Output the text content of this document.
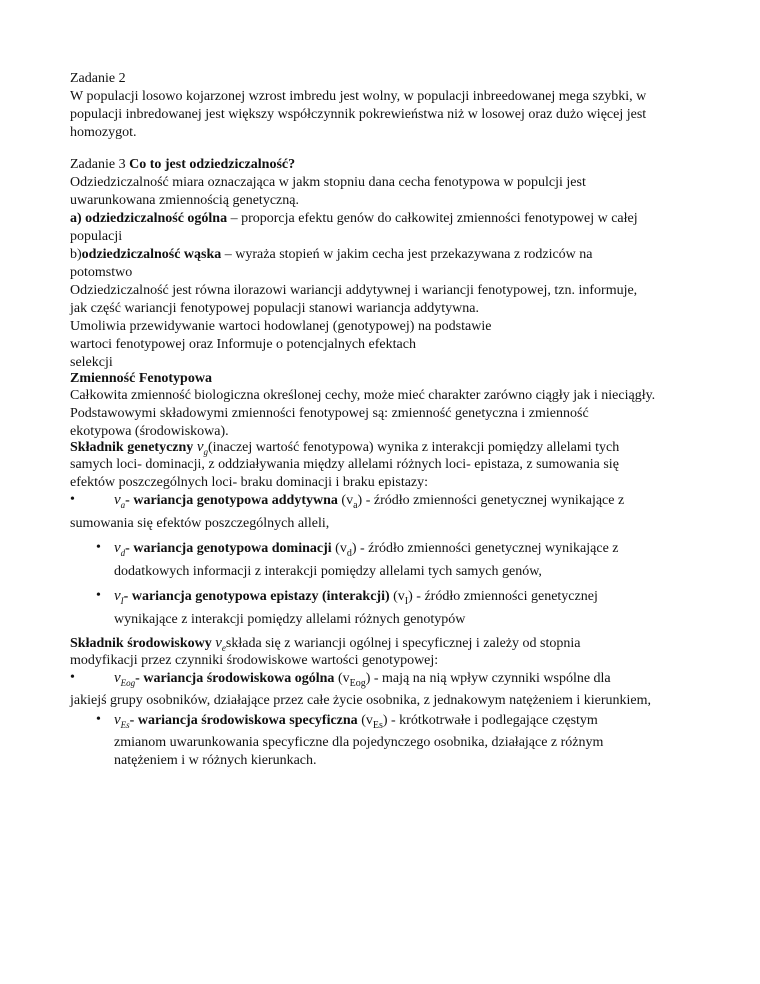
Zadanie 2
W populacji losowo kojarzonej wzrost imbredu jest wolny, w populacji inbreedowanej mega szybki, w
populacji inbredowanej jest większy współczynnik pokrewieństwa niż w losowej oraz dużo więcej jest
homozygot.
Zadanie 3 Co to jest odziedziczalność?
Odziedziczalność miara oznaczająca w jakm stopniu dana cecha fenotypowa w populcji jest
uwarunkowana zmiennością genetyczną.
a) odziedziczalność ogólna – proporcja efektu genów do całkowitej zmienności fenotypowej w całej
populacji
b)odziedziczalność wąska – wyraża stopień w jakim cecha jest przekazywana z rodziców na
potomstwo
Odziedziczalność jest równa ilorazowi wariancji addytywnej i wariancji fenotypowej, tzn. informuje,
jak część wariancji fenotypowej populacji stanowi wariancja addytywna.
Umoliwia przewidywanie wartoci hodowlanej (genotypowej) na podstawie
wartoci fenotypowej oraz Informuje o potencjalnych efektach
selekcji
Zmienność Fenotypowa
Całkowita zmienność biologiczna określonej cechy, może mieć charakter zarówno ciągły jak i nieciągły.
Podstawowymi składowymi zmienności fenotypowej są: zmienność genetyczna i zmienność
ekotypowa (środowiskowa).
Składnik genetyczny $v_g(inaczej$ wartość fenotypowa) wynika z interakcji pomiędzy allelami tych
samych loci- dominacji, z oddziaływania między allelami różnych loci- epistaza, z sumowania się
efektów poszczególnych loci- braku dominacji i braku epistazy:
•	$v_a-$ wariancja genotypowa addytywna $(v_a)$ - źródło zmienności genetycznej wynikające z
sumowania się efektów poszczególnych alleli,
• $v_d-$ wariancja genotypowa dominacji $(v_d)$ - źródło zmienności genetycznej wynikające z
dodatkowych informacji z interakcji pomiędzy allelami tych samych genów,
• $v_I-$ wariancja genotypowa epistazy (interakcji) $(v_I)$ - źródło zmienności genetycznej
wynikające z interakcji pomiędzy allelami różnych genotypów
Składnik środowiskowy $v_eskłada$ się z wariancji ogólnej i specyficznej i zależy od stopnia
modyfikacji przez czynniki środowiskowe wartości genotypowej:
•	$v_{Eog}-$ wariancja środowiskowa ogólna $(v_{Eog})$ - mają na nią wpływ czynniki wspólne dla
jakiejś grupy osobników, działające przez całe życie osobnika, z jednakowym natężeniem i kierunkiem,
• $v_{Es}-$ wariancja środowiskowa specyficzna $(v_{Es})$ - krótkotrwałe i podlegające częstym
zmianom uwarunkowania specyficzne dla pojedynczego osobnika, działające z różnym
natężeniem i w różnych kierunkach.
